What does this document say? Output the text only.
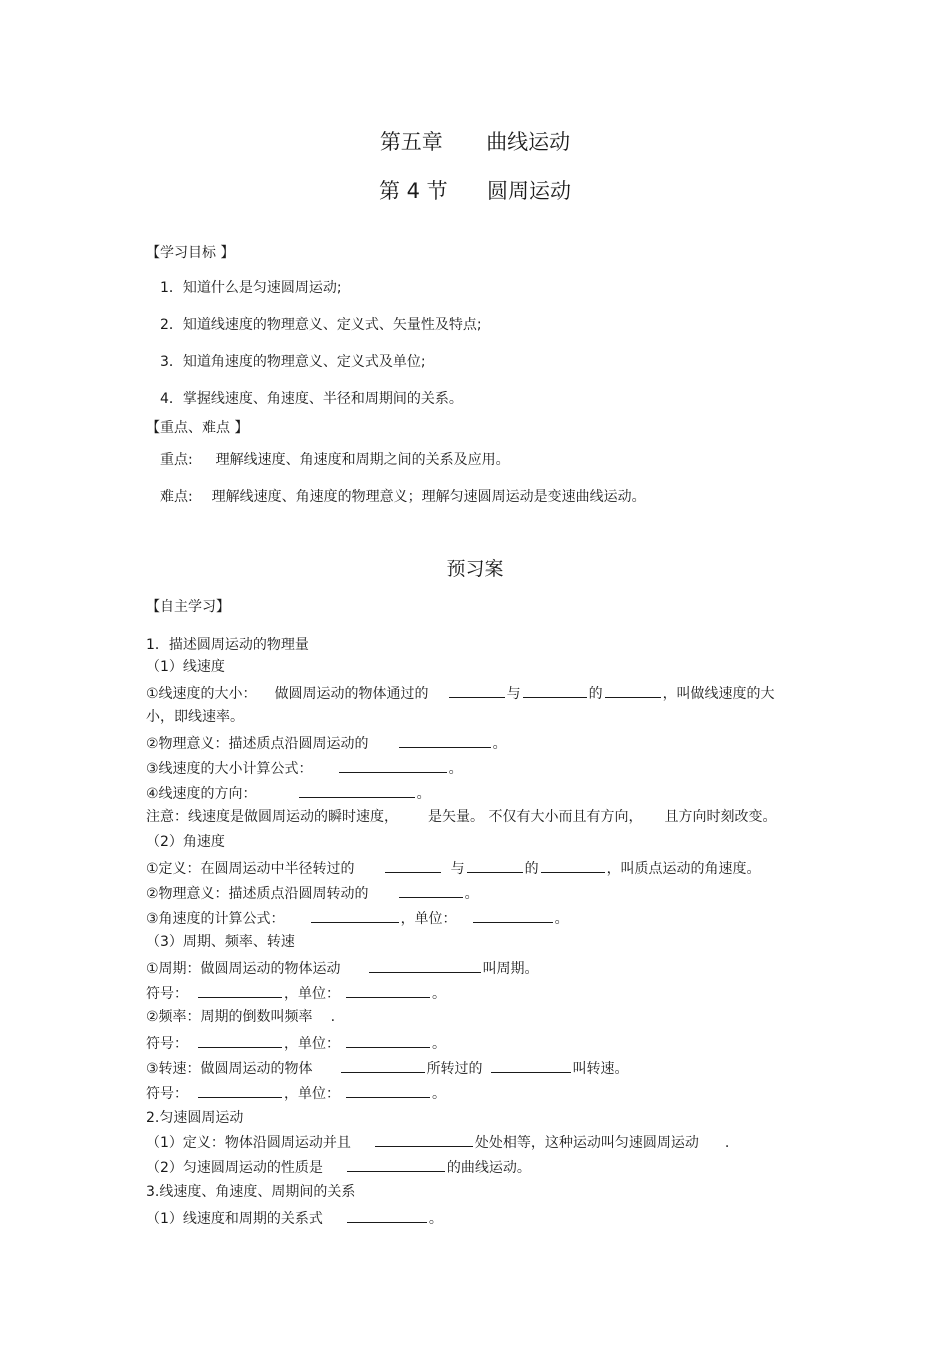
第五章 曲线运动
第 4 节 圆周运动
【学习目标 】
1．知道什么是匀速圆周运动;
2．知道线速度的物理意义、定义式、矢量性及特点;
3．知道角速度的物理意义、定义式及单位;
4．掌握线速度、角速度、半径和周期间的关系。
【重点、难点 】
重点: 理解线速度、角速度和周期之间的关系及应用。
难点: 理解线速度、角速度的物理意义；理解匀速圆周运动是变速曲线运动。
预习案
【自主学习】
1．描述圆周运动的物理量
（1）线速度
①线速度的大小： 做圆周运动的物体通过的	与	的	，叫做线速度的大
小，即线速率。
②物理意义：描述质点沿圆周运动的	。
③线速度的大小计算公式：	。
④线速度的方向：	。
注意：线速度是做圆周运动的瞬时速度， 是矢量。 不仅有大小而且有方向， 且方向时刻改变。
（2）角速度
①定义：在圆周运动中半径转过的	与	的	，叫质点运动的角速度。
②物理意义：描述质点沿圆周转动的	。
③角速度的计算公式：	，单位：	。
（3）周期、频率、转速
①周期：做圆周运动的物体运动	叫周期。
符号：	，单位：	。
②频率：周期的倒数叫频率 .
符号：	，单位：	。
③转速：做圆周运动的物体	所转过的	叫转速。
符号：	，单位：	。
2.匀速圆周运动
（1）定义：物体沿圆周运动并且	处处相等，这种运动叫匀速圆周运动 .
（2）匀速圆周运动的性质是	的曲线运动。
3.线速度、角速度、周期间的关系
（1）线速度和周期的关系式	。
